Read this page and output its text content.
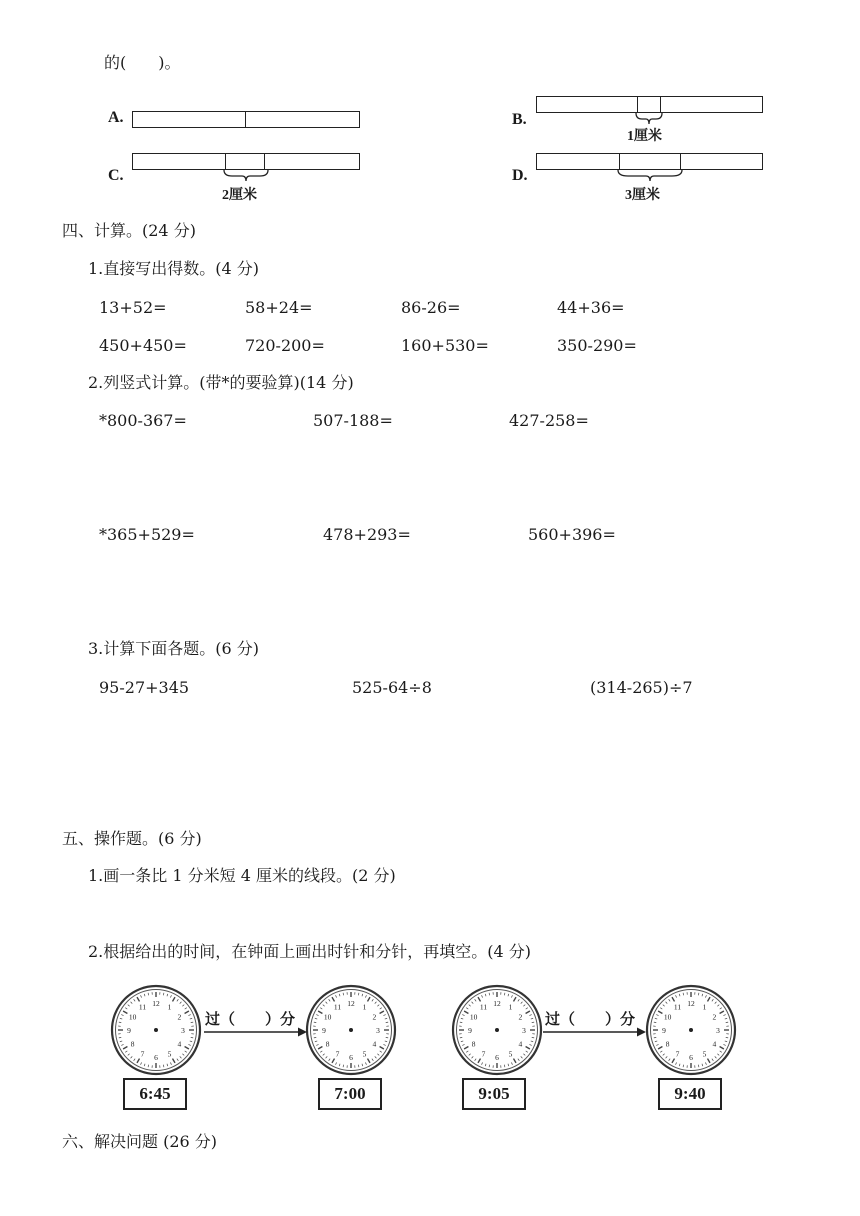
的(　　)。
A.	B.
1厘米
C.
2厘米
D.
3厘米
四、计算。(24 分)
1.直接写出得数。(4 分)
13+52=	58+24=	86-26=	44+36=
450+450=	720-200=	160+530=	350-290=
2.列竖式计算。(带*的要验算)(14 分)
*800-367=	507-188=	427-258=
*365+529=	478+293=	560+396=
3.计算下面各题。(6 分)
95-27+345	525-64÷8	(314-265)÷7
五、操作题。(6 分)
1.画一条比 1 分米短 4 厘米的线段。(2 分)
2.根据给出的时间，在钟面上画出时针和分针，再填空。(4 分)
12 1
2
3
4
5
6
7
8
9
10
11	12 1
2
3
4
5
6
7
8
9
10
11	12 1
2
3
4
5
6
7
8
9
10
11	12 1
2
3
4
5
6
7
8
9
10
11
过（　　）分	过（　　）分
6:45	7:00	9:05	9:40
六、解决问题 (26 分)
